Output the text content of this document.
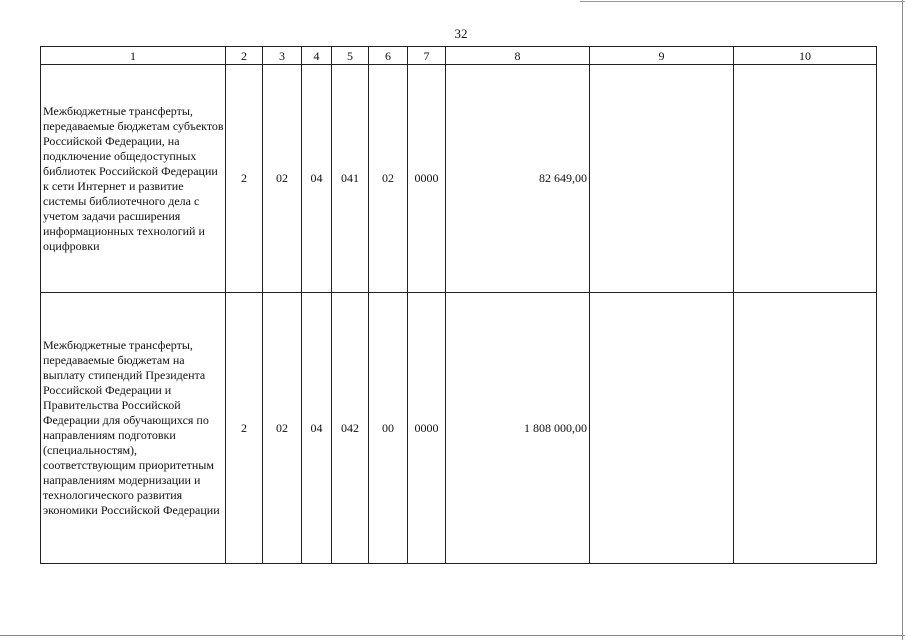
32
1	2	3	4	5	6	7	8	9	10
Межбюджетные трансферты, передаваемые бюджетам субъектов Российской Федерации, на подключение общедоступных библиотек Российской Федерации к сети Интернет и развитие системы библиотечного дела с учетом задачи расширения информационных технологий и оцифровки	2	02	04	041	02	0000	82 649,00		
Межбюджетные трансферты, передаваемые бюджетам на выплату стипендий Президента Российской Федерации и Правительства Российской Федерации для обучающихся по направлениям подготовки (специальностям), соответствующим приоритетным направлениям модернизации и технологического развития экономики Российской Федерации	2	02	04	042	00	0000	1 808 000,00		
